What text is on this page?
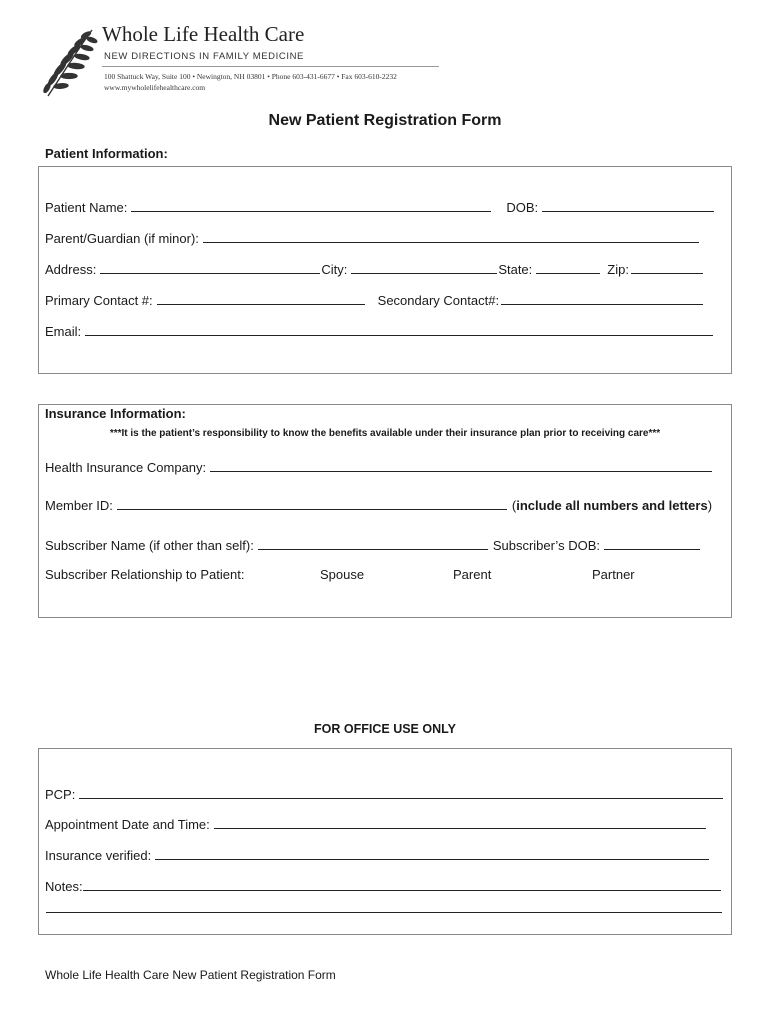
Whole Life Health Care
NEW DIRECTIONS IN FAMILY MEDICINE
100 Shattuck Way, Suite 100 • Newington, NH 03801 • Phone 603-431-6677 • Fax 603-610-2232
www.mywholelifehealthcare.com
New Patient Registration Form
Patient Information:
Patient Name:	DOB:
Parent/Guardian (if minor):
Address:	City:	State:	Zip:
Primary Contact #:	Secondary Contact#:
Email:
Insurance Information:
***It is the patient’s responsibility to know the benefits available under their insurance plan prior to receiving care***
Health Insurance Company:
Member ID:	( include all numbers and letters )
Subscriber Name (if other than self):	Subscriber’s DOB:
Subscriber Relationship to Patient:	Spouse	Parent	Partner
FOR OFFICE USE ONLY
PCP:
Appointment Date and Time:
Insurance verified:
Notes:
Whole Life Health Care New Patient Registration Form
